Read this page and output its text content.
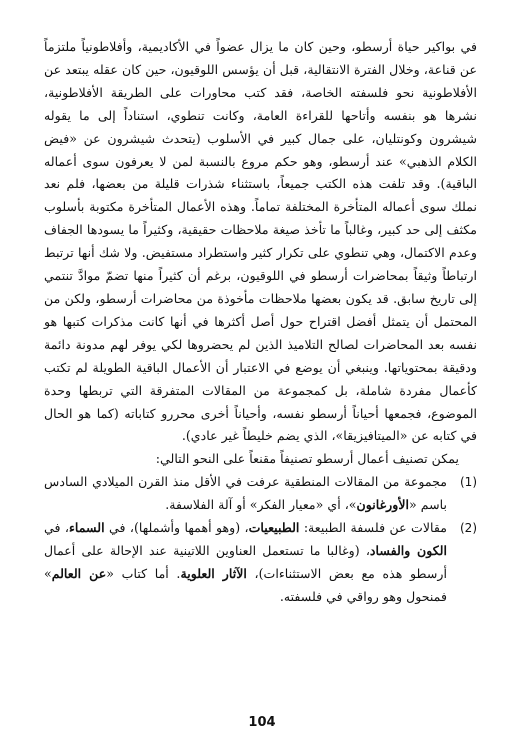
في بواكير حياة أرسطو، وحين كان ما يزال عضواً في الأكاديمية، وأفلاطونياً ملتزماً عن قناعة، وخلال الفترة الانتقالية، قبل أن يؤسس اللوقيون، حين كان عقله يبتعد عن الأفلاطونية نحو فلسفته الخاصة، فقد كتب محاورات على الطريقة الأفلاطونية، نشرها هو بنفسه وأتاحها للقراءة العامة، وكانت تنطوي، استناداً إلى ما يقوله شيشرون وكونتليان، على جمال كبير في الأسلوب (يتحدث شيشرون عن «فيض الكلام الذهبي» عند أرسطو، وهو حكم مروع بالنسبة لمن لا يعرفون سوى أعماله الباقية). وقد تلفت هذه الكتب جميعاً، باستثناء شذرات قليلة من بعضها، فلم نعد نملك سوى أعماله المتأخرة المختلفة تماماً. وهذه الأعمال المتأخرة مكتوبة بأسلوب مكثف إلى حد كبير، وغالباً ما تأخذ صيغة ملاحظات حقيقية، وكثيراً ما يسودها الجفاف وعدم الاكتمال، وهي تنطوي على تكرار كثير واستطراد مستفيض. ولا شك أنها ترتبط ارتباطاً وثيقاً بمحاضرات أرسطو في اللوقيون، برغم أن كثيراً منها تضمّ موادَّ تنتمي إلى تاريخ سابق. قد يكون بعضها ملاحظات مأخوذة من محاضرات أرسطو، ولكن من المحتمل أن يتمثل أفضل اقتراح حول أصل أكثرها في أنها كانت مذكرات كتبها هو نفسه بعد المحاضرات لصالح التلاميذ الذين لم يحضروها لكي يوفر لهم مدونة دائمة ودقيقة بمحتوياتها. وينبغي أن يوضع في الاعتبار أن الأعمال الباقية الطويلة لم تكتب كأعمال مفردة شاملة، بل كمجموعة من المقالات المتفرقة التي تربطها وحدة الموضوع، فجمعها أحياناً أرسطو نفسه، وأحياناً أخرى محررو كتاباته (كما هو الحال في كتابه عن «الميتافيزيقا»، الذي يضم خليطاً غير عادي).

يمكن تصنيف أعمال أرسطو تصنيفاً مقنعاً على النحو التالي:

(1)
مجموعة من المقالات المنطقية عرفت في الأقل منذ القرن الميلادي السادس باسم «الأورغانون»، أي «معيار الفكر» أو آلة الفلاسفة.
(2)
مقالات عن فلسفة الطبيعة: الطبيعيات، (وهو أهمها وأشملها)، في السماء، في الكون والفساد، (وغالبا ما تستعمل العناوين اللاتينية عند الإحالة على أعمال أرسطو هذه مع بعض الاستثناءات)، الآثار العلوية. أما كتاب «عن العالم» فمنحول وهو رواقي في فلسفته.
104
